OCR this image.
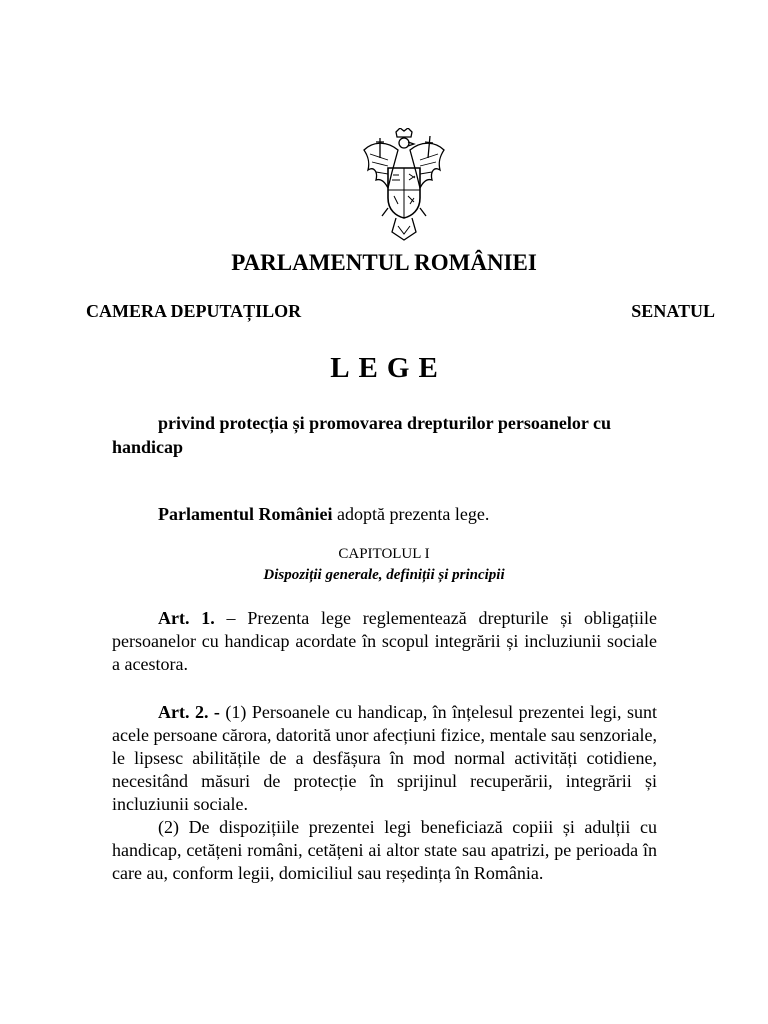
PARLAMENTUL ROMÂNIEI
CAMERA DEPUTAȚILOR	SENATUL
LEGE
privind protecția și promovarea drepturilor persoanelor cu handicap
Parlamentul României adoptă prezenta lege.
CAPITOLUL I
Dispoziții generale, definiții și principii
Art. 1. – Prezenta lege reglementează drepturile și obligațiile persoanelor cu handicap acordate în scopul integrării și incluziunii sociale a acestora.
Art. 2. - (1) Persoanele cu handicap, în înțelesul prezentei legi, sunt acele persoane cărora, datorită unor afecțiuni fizice, mentale sau senzoriale, le lipsesc abilitățile de a desfășura în mod normal activități cotidiene, necesitând măsuri de protecție în sprijinul recuperării, integrării și incluziunii sociale.
(2) De dispozițiile prezentei legi beneficiază copiii și adulții cu handicap, cetățeni români, cetățeni ai altor state sau apatrizi, pe perioada în care au, conform legii, domiciliul sau reședința în România.
